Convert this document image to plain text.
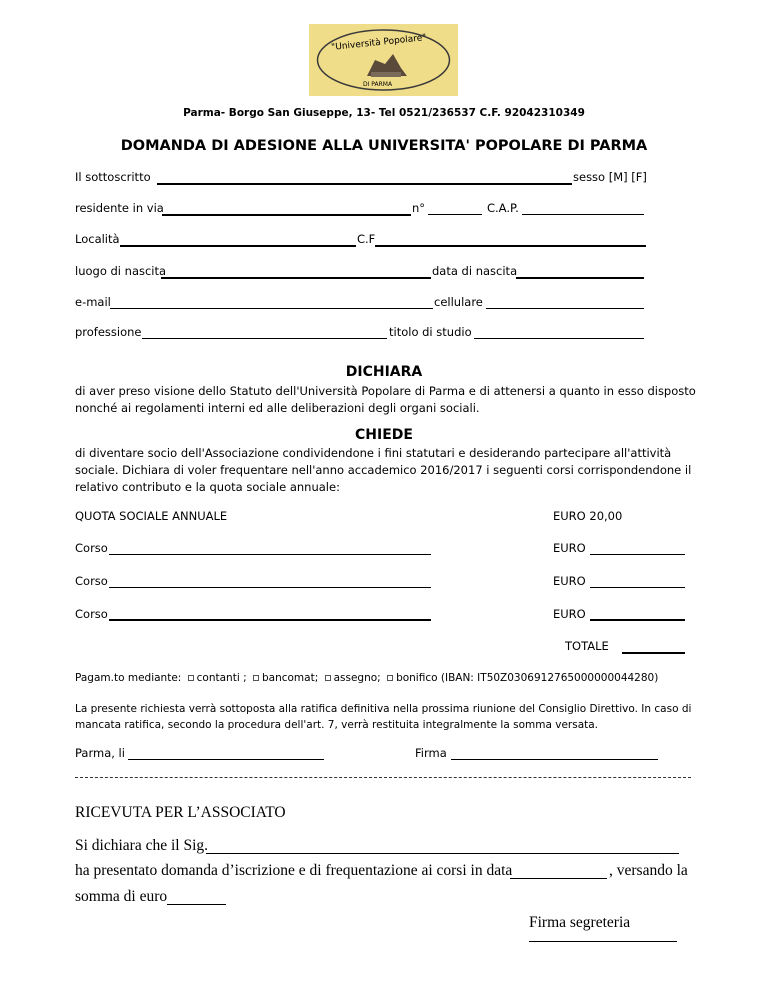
"Università Popolare"
DI PARMA
Parma- Borgo San Giuseppe, 13- Tel 0521/236537 C.F. 92042310349
DOMANDA DI ADESIONE ALLA UNIVERSITA' POPOLARE DI PARMA
Il sottoscritto	sesso [M] [F]
residente in via	n°	C.A.P.
Località	C.F
luogo di nascita	data di nascita
e-mail	cellulare
professione	titolo di studio
DICHIARA
di aver preso visione dello Statuto dell'Università Popolare di Parma e di attenersi a quanto in esso disposto nonché ai regolamenti interni ed alle deliberazioni degli organi sociali.
CHIEDE
di diventare socio dell'Associazione condividendone i fini statutari e desiderando partecipare all'attività sociale. Dichiara di voler frequentare nell'anno accademico 2016/2017 i seguenti corsi corrispondendone il relativo contributo e la quota sociale annuale:
QUOTA SOCIALE ANNUALE	EURO 20,00
Corso	EURO
Corso	EURO
Corso	EURO
TOTALE
Pagam.to mediante: contanti ; bancomat; assegno; bonifico (IBAN: IT50Z0306912765000000044280)
La presente richiesta verrà sottoposta alla ratifica definitiva nella prossima riunione del Consiglio Direttivo. In caso di mancata ratifica, secondo la procedura dell'art. 7, verrà restituita integralmente la somma versata.
Parma, li	Firma
RICEVUTA PER L’ASSOCIATO
Si dichiara che il Sig.
ha presentato domanda d’iscrizione e di frequentazione ai corsi in data	, versando la
somma di euro
Firma segreteria
